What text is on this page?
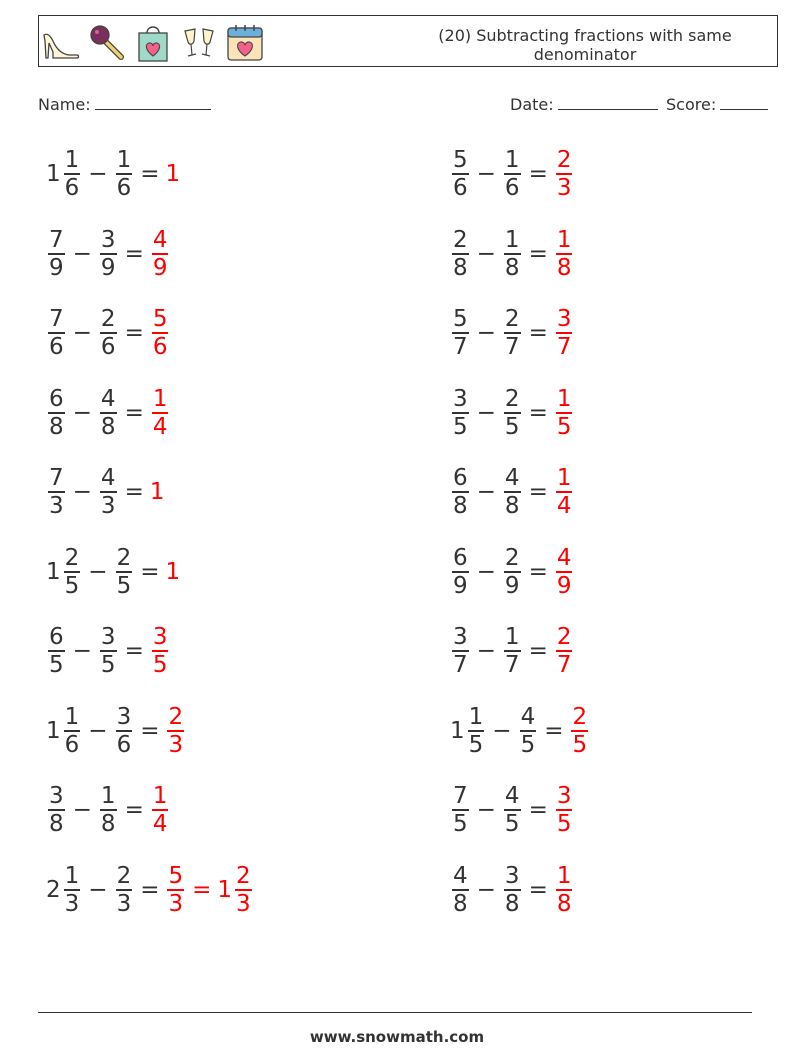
(20) Subtracting fractions with same denominator
Name:	Date:	Score:
$1 \frac{1}{6} - \frac{1}{6} = 1$	$\frac{5}{6} - \frac{1}{6} = \frac{2}{3}$
$\frac{7}{9} - \frac{3}{9} = \frac{4}{9}$	$\frac{2}{8} - \frac{1}{8} = \frac{1}{8}$
$\frac{7}{6} - \frac{2}{6} = \frac{5}{6}$	$\frac{5}{7} - \frac{2}{7} = \frac{3}{7}$
$\frac{6}{8} - \frac{4}{8} = \frac{1}{4}$	$\frac{3}{5} - \frac{2}{5} = \frac{1}{5}$
$\frac{7}{3} - \frac{4}{3} = 1$	$\frac{6}{8} - \frac{4}{8} = \frac{1}{4}$
$1 \frac{2}{5} - \frac{2}{5} = 1$	$\frac{6}{9} - \frac{2}{9} = \frac{4}{9}$
$\frac{6}{5} - \frac{3}{5} = \frac{3}{5}$	$\frac{3}{7} - \frac{1}{7} = \frac{2}{7}$
$1 \frac{1}{6} - \frac{3}{6} = \frac{2}{3}$	$1 \frac{1}{5} - \frac{4}{5} = \frac{2}{5}$
$\frac{3}{8} - \frac{1}{8} = \frac{1}{4}$	$\frac{7}{5} - \frac{4}{5} = \frac{3}{5}$
$2 \frac{1}{3} - \frac{2}{3} = \frac{5}{3} = 1 \frac{2}{3}$	$\frac{4}{8} - \frac{3}{8} = \frac{1}{8}$
www.snowmath.com
